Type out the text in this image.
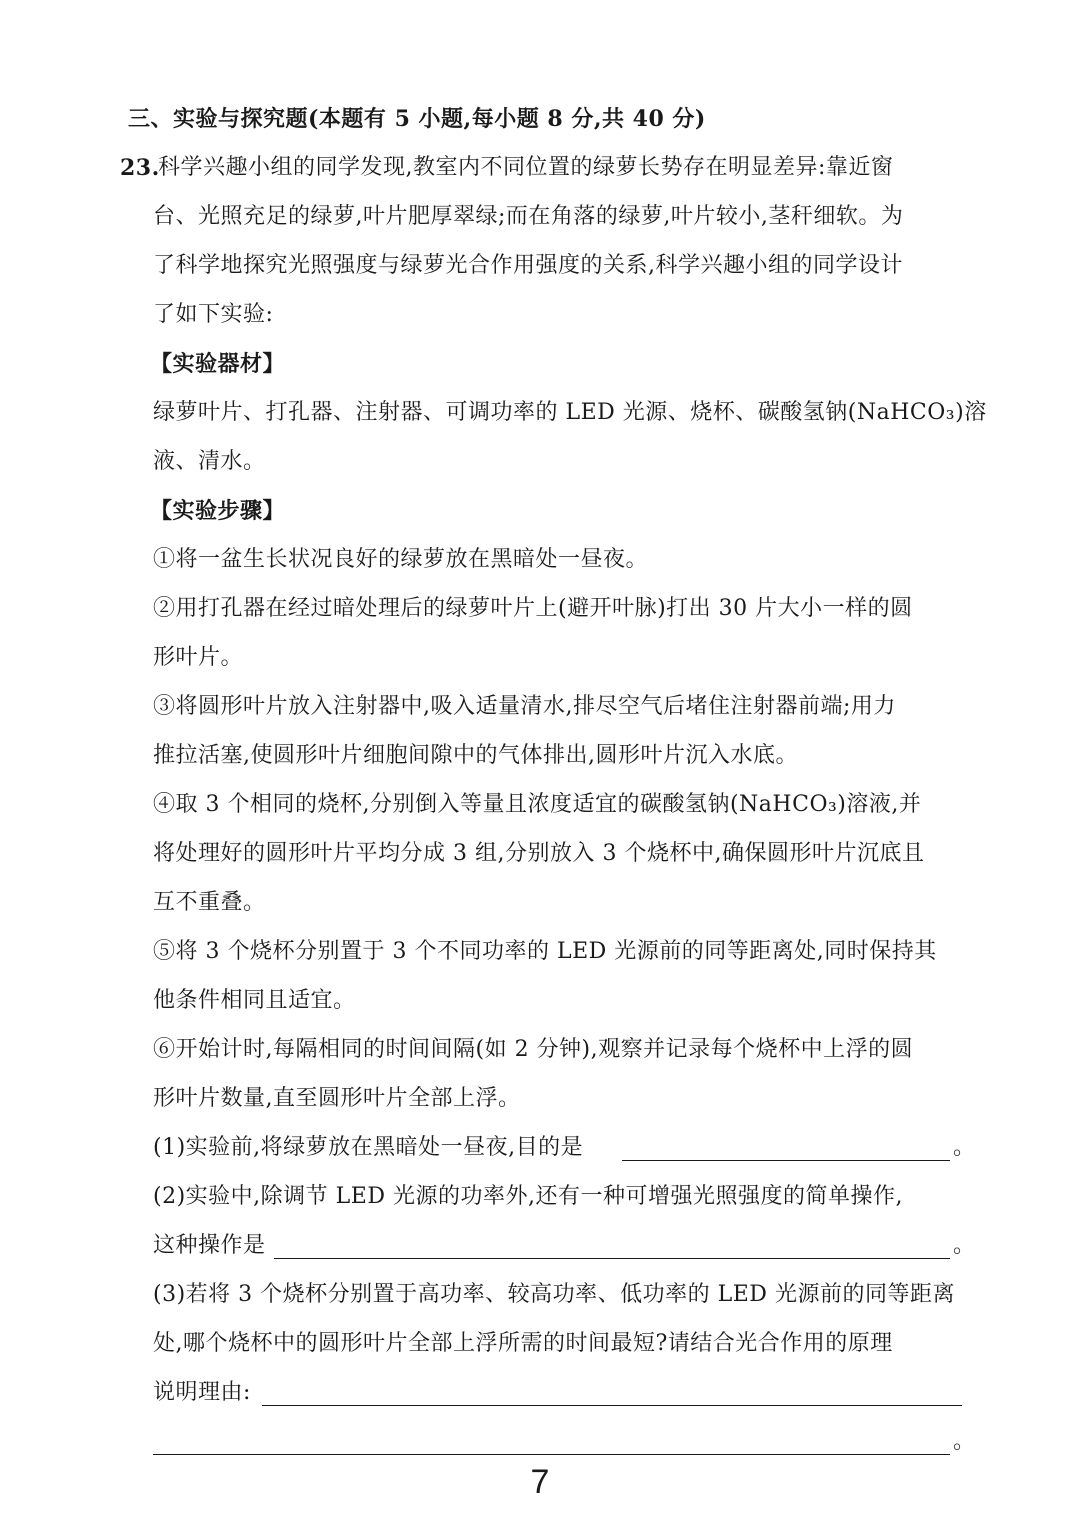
三、实验与探究题(本题有 5 小题,每小题 8 分,共 40 分)
23.
科学兴趣小组的同学发现,教室内不同位置的绿萝长势存在明显差异:靠近窗
台、光照充足的绿萝,叶片肥厚翠绿;而在角落的绿萝,叶片较小,茎秆细软。为
了科学地探究光照强度与绿萝光合作用强度的关系,科学兴趣小组的同学设计
了如下实验:
【实验器材】
绿萝叶片、打孔器、注射器、可调功率的 LED 光源、烧杯、碳酸氢钠(NaHCO₃)溶
液、清水。
【实验步骤】
①将一盆生长状况良好的绿萝放在黑暗处一昼夜。
②用打孔器在经过暗处理后的绿萝叶片上(避开叶脉)打出 30 片大小一样的圆
形叶片。
③将圆形叶片放入注射器中,吸入适量清水,排尽空气后堵住注射器前端;用力
推拉活塞,使圆形叶片细胞间隙中的气体排出,圆形叶片沉入水底。
④取 3 个相同的烧杯,分别倒入等量且浓度适宜的碳酸氢钠(NaHCO₃)溶液,并
将处理好的圆形叶片平均分成 3 组,分别放入 3 个烧杯中,确保圆形叶片沉底且
互不重叠。
⑤将 3 个烧杯分别置于 3 个不同功率的 LED 光源前的同等距离处,同时保持其
他条件相同且适宜。
⑥开始计时,每隔相同的时间间隔(如 2 分钟),观察并记录每个烧杯中上浮的圆
形叶片数量,直至圆形叶片全部上浮。
(1)实验前,将绿萝放在黑暗处一昼夜,目的是	。
(2)实验中,除调节 LED 光源的功率外,还有一种可增强光照强度的简单操作,
这种操作是	。
(3)若将 3 个烧杯分别置于高功率、较高功率、低功率的 LED 光源前的同等距离
处,哪个烧杯中的圆形叶片全部上浮所需的时间最短?请结合光合作用的原理
说明理由:
。
7
